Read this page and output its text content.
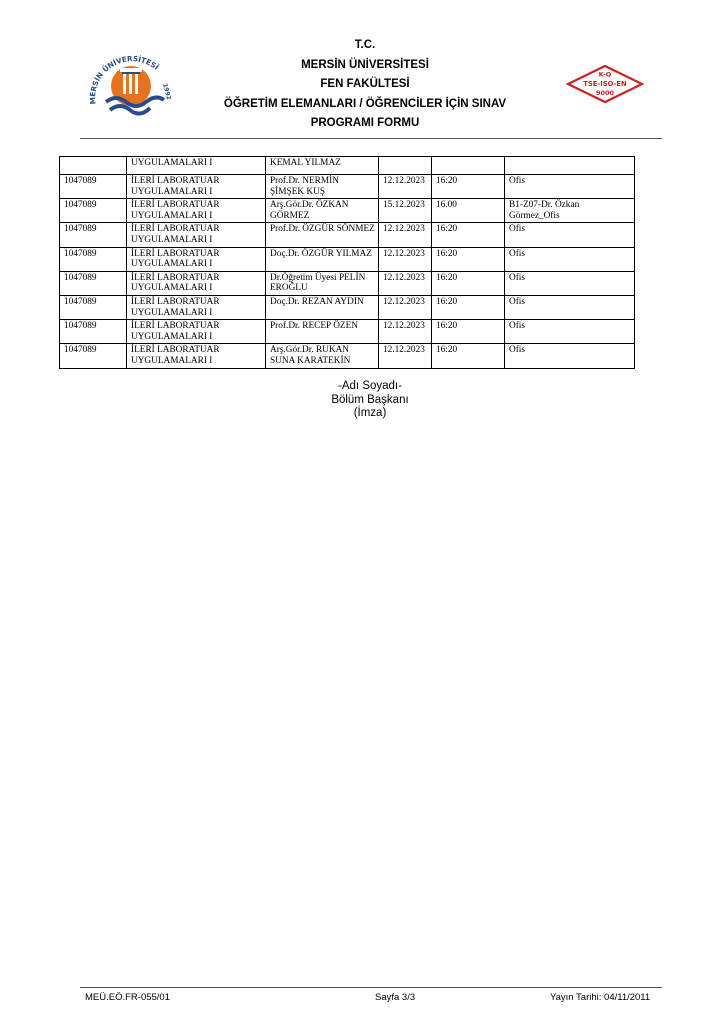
MERSİN ÜNİVERSİTESİ
1992
T.C.
MERSİN ÜNİVERSİTESİ
FEN FAKÜLTESİ
ÖĞRETİM ELEMANLARI / ÖĞRENCİLER İÇİN SINAV
PROGRAMI FORMU
K-Q
TSE-ISO-EN
9000
	UYGULAMALARI I	KEMAL YILMAZ			
1047089	İLERİ LABORATUAR UYGULAMALARI I	Prof.Dr. NERMİN ŞİMŞEK KUŞ	12.12.2023	16:20	Ofis
1047089	İLERİ LABORATUAR UYGULAMALARI I	Arş.Gör.Dr. ÖZKAN GÖRMEZ	15.12.2023	16.00	B1-Z07-Dr. Özkan Görmez_Ofis
1047089	İLERİ LABORATUAR UYGULAMALARI I	Prof.Dr. ÖZGÜR SÖNMEZ	12.12.2023	16:20	Ofis
1047089	İLERİ LABORATUAR UYGULAMALARI I	Doç.Dr. ÖZGÜR YILMAZ	12.12.2023	16:20	Ofis
1047089	İLERİ LABORATUAR UYGULAMALARI I	Dr.Öğretim Üyesi PELİN EROĞLU	12.12.2023	16:20	Ofis
1047089	İLERİ LABORATUAR UYGULAMALARI I	Doç.Dr. REZAN AYDIN	12.12.2023	16:20	Ofis
1047089	İLERİ LABORATUAR UYGULAMALARI I	Prof.Dr. RECEP ÖZEN	12.12.2023	16:20	Ofis
1047089	İLERİ LABORATUAR UYGULAMALARI I	Arş.Gör.Dr. RUKAN SUNA KARATEKİN	12.12.2023	16:20	Ofis
-Adı Soyadı-
Bölüm Başkanı
(İmza)
MEÜ.EÖ.FR-055/01	Sayfa 3/3	Yayın Tarihi: 04/11/2011
